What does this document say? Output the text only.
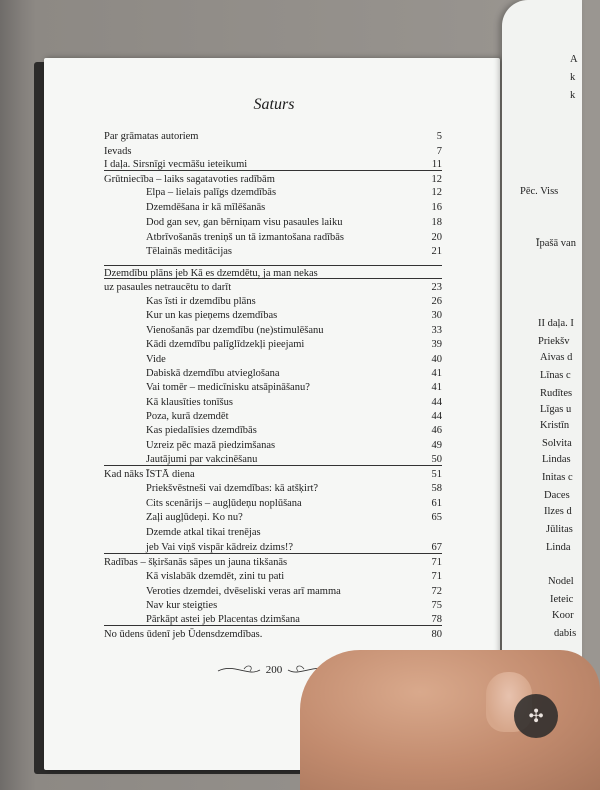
A
k
k
Pēc. Viss
Īpašā van
II daļa. I
Priekšv
Aivas d
Līnas c
Rudītes
Līgas u
Kristīn
Solvita
Lindas
Initas c
Daces
Ilzes d
Jūlitas
Linda
Nodel
Ieteic
Koor
dabis
Saturs
Par grāmatas autoriem	5
Ievads	7
I daļa. Sirsnīgi vecmāšu ieteikumi	11
Grūtniecība – laiks sagatavoties radībām	12
Elpa – lielais palīgs dzemdībās	12
Dzemdēšana ir kā mīlēšanās	16
Dod gan sev, gan bērniņam visu pasaules laiku	18
Atbrīvošanās treniņš un tā izmantošana radībās	20
Tēlainās meditācijas	21
Dzemdību plāns jeb Kā es dzemdētu, ja man nekas
uz pasaules netraucētu to darīt	23
Kas īsti ir dzemdību plāns	26
Kur un kas pieņems dzemdības	30
Vienošanās par dzemdību (ne)stimulēšanu	33
Kādi dzemdību palīglīdzekļi pieejami	39
Vide	40
Dabiskā dzemdību atvieglošana	41
Vai tomēr – medicīnisku atsāpināšanu?	41
Kā klausīties tonīšus	44
Poza, kurā dzemdēt	44
Kas piedalīsies dzemdībās	46
Uzreiz pēc mazā piedzimšanas	49
Jautājumi par vakcinēšanu	50
Kad nāks ĪSTĀ diena	51
Priekšvēstneši vai dzemdības: kā atšķirt?	58
Cits scenārijs – augļūdeņu noplūšana	61
Zaļi augļūdeņi. Ko nu?	65
Dzemde atkal tikai trenējas
jeb Vai viņš vispār kādreiz dzims!?	67
Radības – šķiršanās sāpes un jauna tikšanās	71
Kā vislabāk dzemdēt, zini tu pati	71
Veroties dzemdei, dvēseliski veras arī mamma	72
Nav kur steigties	75
Pārkāpt astei jeb Placentas dzimšana	78
No ūdens ūdenī jeb Ūdensdzemdības.	80
200
✣
